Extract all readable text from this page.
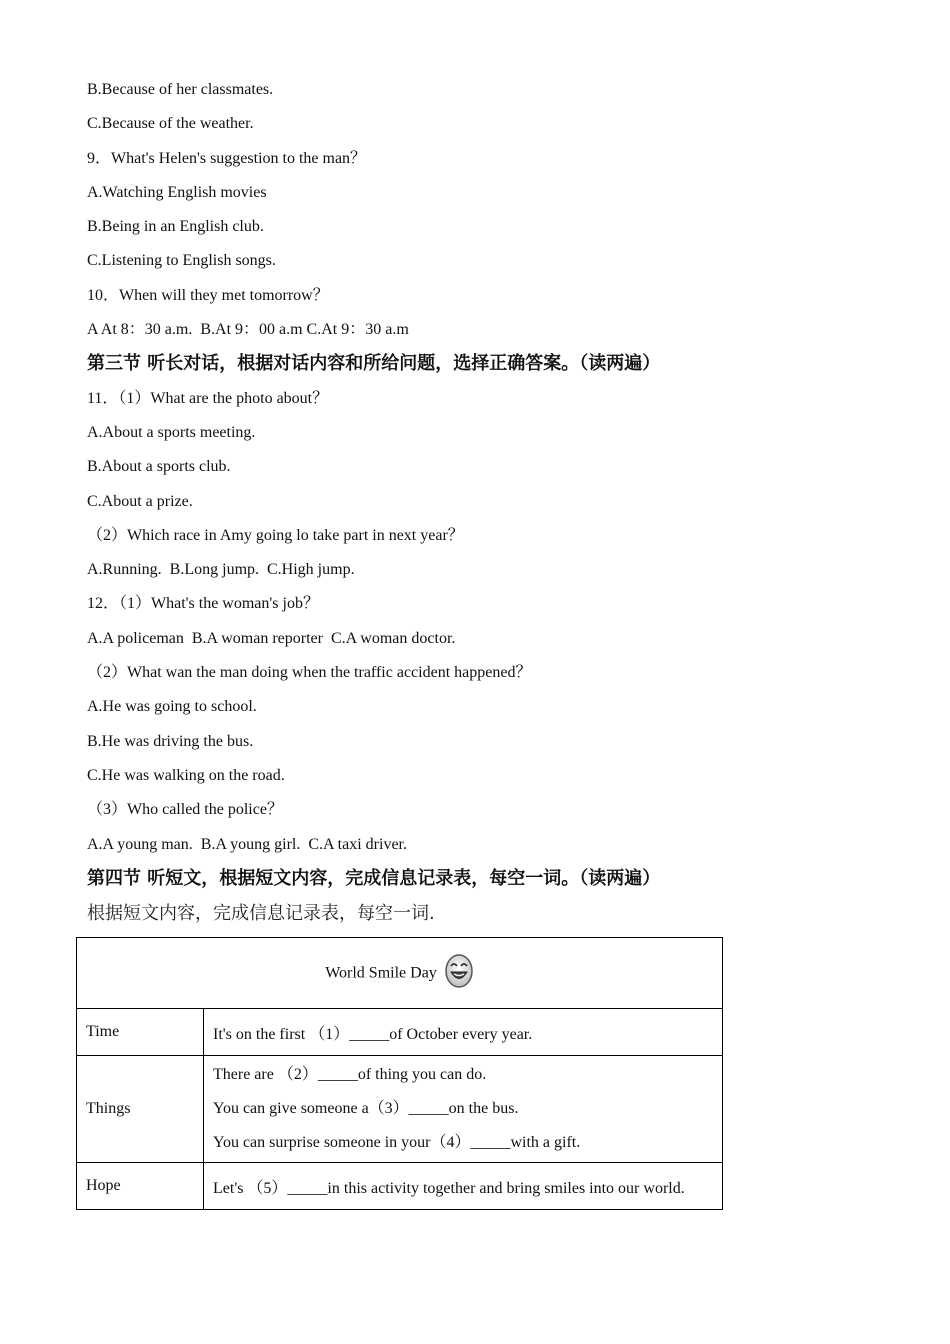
B.Because of her classmates.
C.Because of the weather.
9．What's Helen's suggestion to the man？
A.Watching English movies
B.Being in an English club.
C.Listening to English songs.
10．When will they met tomorrow？
A At 8：30 a.m.  B.At 9：00 a.m C.At 9：30 a.m
第三节 听长对话，根据对话内容和所给问题，选择正确答案。（读两遍）
11．（1）What are the photo about？
A.About a sports meeting.
B.About a sports club.
C.About a prize.
（2）Which race in Amy going lo take part in next year？
A.Running.  B.Long jump.  C.High jump.
12．（1）What's the woman's job？
A.A policeman  B.A woman reporter  C.A woman doctor.
（2）What wan the man doing when the traffic accident happened？
A.He was going to school.
B.He was driving the bus.
C.He was walking on the road.
（3）Who called the police？
A.A young man.  B.A young girl.  C.A taxi driver.
第四节 听短文，根据短文内容，完成信息记录表，每空一词。（读两遍）
根据短文内容，完成信息记录表，每空一词.
World Smile Day	
Time	It's on the first （1）_____of October every year.
Things	There are （2）_____of thing you can do.
You can give someone a（3）_____on the bus.
You can surprise someone in your（4）_____with a gift.

Hope	Let's （5）_____in this activity together and bring smiles into our world.
